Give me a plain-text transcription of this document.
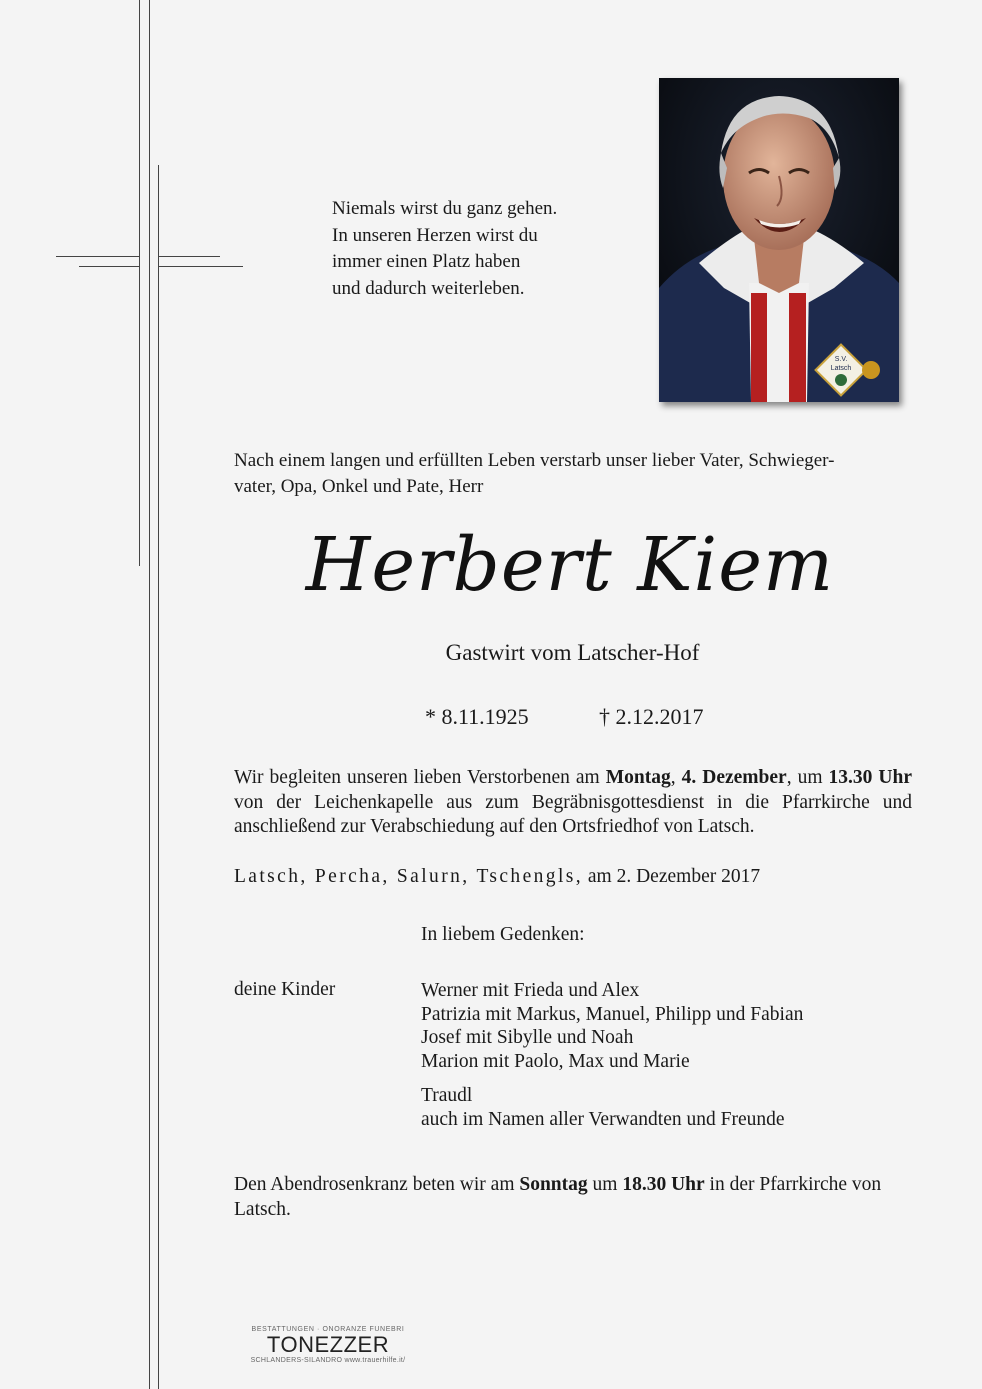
Niemals wirst du ganz gehen.
In unseren Herzen wirst du
immer einen Platz haben
und dadurch weiterleben.
S.V.
Latsch
Nach einem langen und erfüllten Leben verstarb unser lieber Vater, Schwieger-
vater, Opa, Onkel und Pate, Herr
Herbert Kiem
Gastwirt vom Latscher-Hof
* 8.11.1925	† 2.12.2017
Wir begleiten unseren lieben Verstorbenen am Montag, 4. Dezember, um 13.30 Uhr von der Leichenkapelle aus zum Begräbnisgottesdienst in die Pfarrkirche und anschließend zur Verabschiedung auf den Ortsfriedhof von Latsch.
Latsch, Percha, Salurn, Tschengls, am 2. Dezember 2017
In liebem Gedenken:
deine Kinder	Werner mit Frieda und Alex
Patrizia mit Markus, Manuel, Philipp und Fabian
Josef mit Sibylle und Noah
Marion mit Paolo, Max und Marie
Traudl
auch im Namen aller Verwandten und Freunde
Den Abendrosenkranz beten wir am Sonntag um 18.30 Uhr in der Pfarrkirche von Latsch.
BESTATTUNGEN · ONORANZE FUNEBRI
TONEZZER
SCHLANDERS-SILANDRO www.trauerhilfe.it/
